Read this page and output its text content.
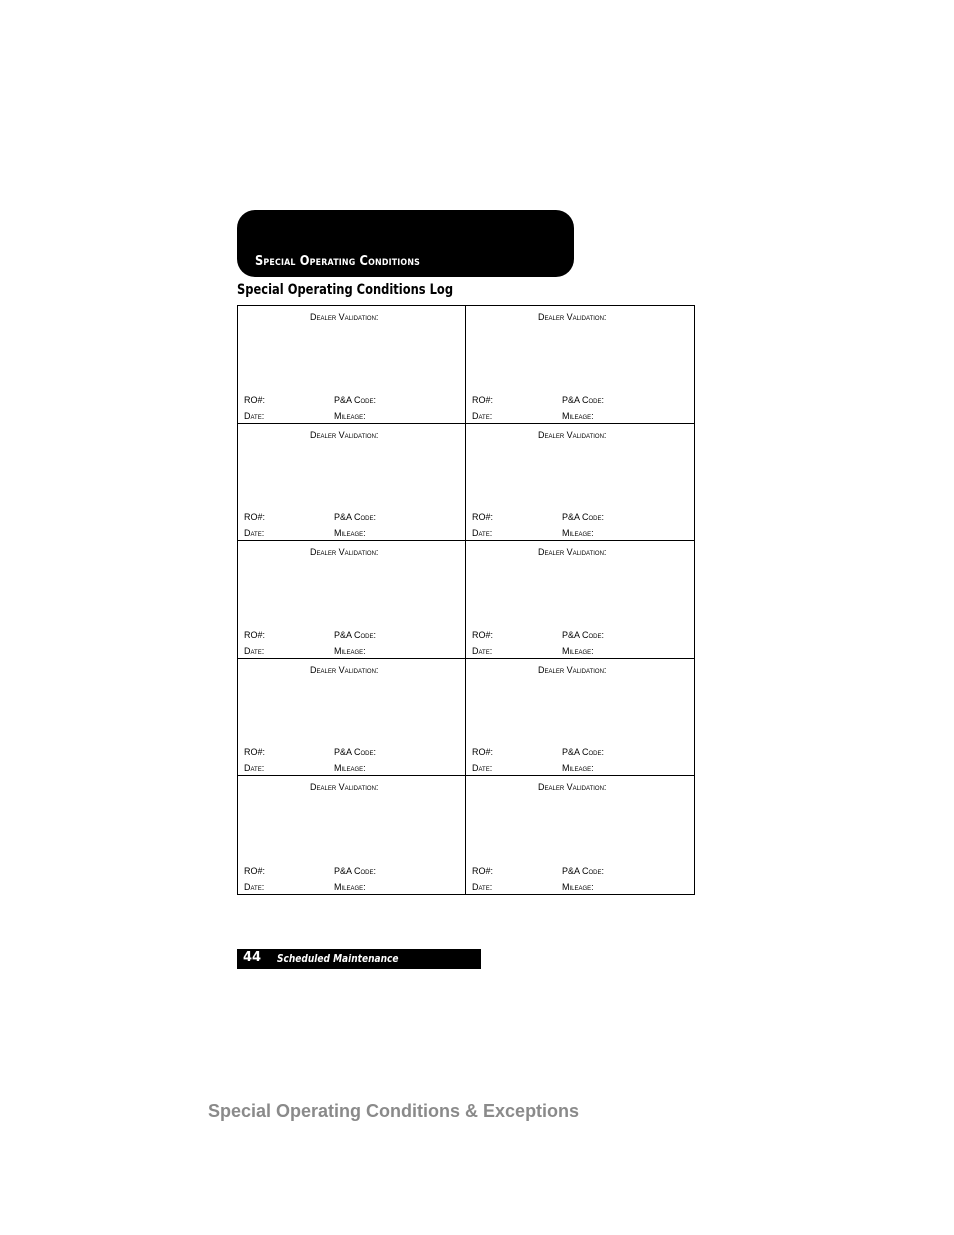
Special Operating Conditions
Special Operating Conditions Log
Dealer Validation:
RO#:	P&A Code:
Date:	Mileage:
Dealer Validation:
RO#:	P&A Code:
Date:	Mileage:
Dealer Validation:
RO#:	P&A Code:
Date:	Mileage:
Dealer Validation:
RO#:	P&A Code:
Date:	Mileage:
Dealer Validation:
RO#:	P&A Code:
Date:	Mileage:
Dealer Validation:
RO#:	P&A Code:
Date:	Mileage:
Dealer Validation:
RO#:	P&A Code:
Date:	Mileage:
Dealer Validation:
RO#:	P&A Code:
Date:	Mileage:
Dealer Validation:
RO#:	P&A Code:
Date:	Mileage:
Dealer Validation:
RO#:	P&A Code:
Date:	Mileage:
44 Scheduled Maintenance
Special Operating Conditions & Exceptions
